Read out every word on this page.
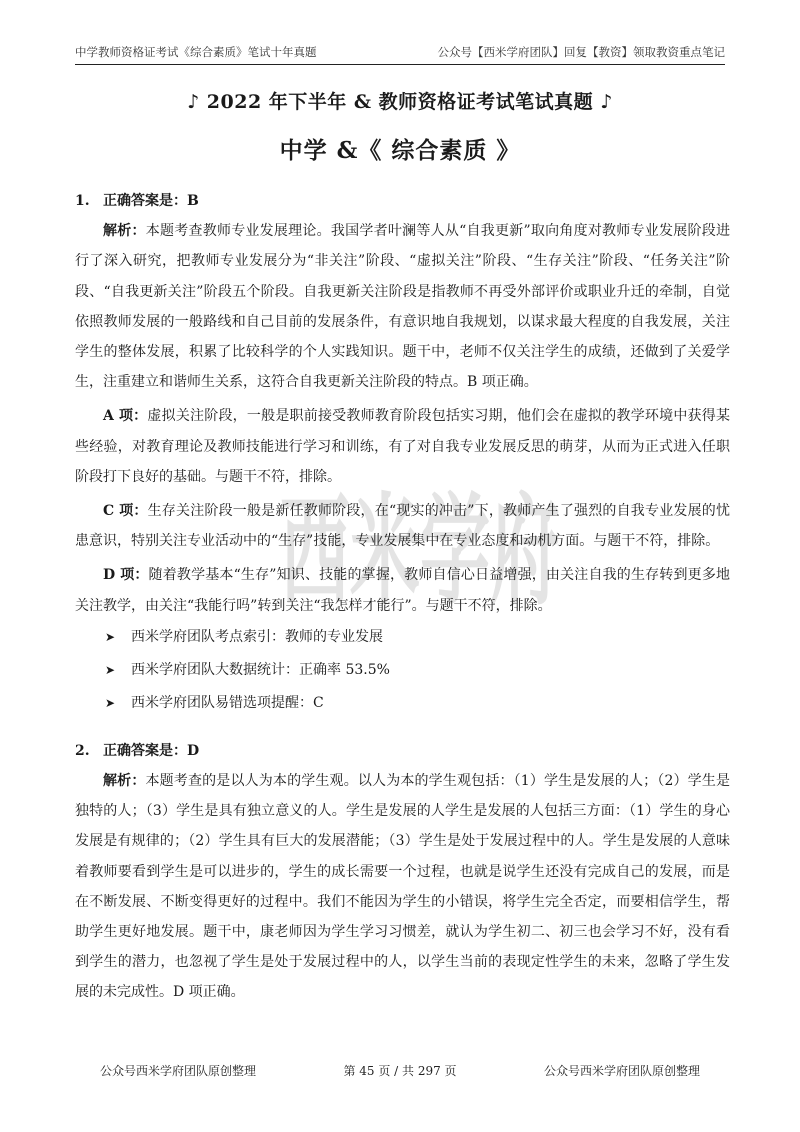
中学教师资格证考试《综合素质》笔试十年真题	公众号【西米学府团队】回复【教资】领取教资重点笔记
♪ 2022 年下半年 & 教师资格证考试笔试真题 ♪
中学 &《 综合素质 》
西米学府

1. 正确答案是：B

解析：本题考查教师专业发展理论。我国学者叶澜等人从“自我更新”取向角度对教师专业发展阶段进行了深入研究，把教师专业发展分为“非关注”阶段、“虚拟关注”阶段、“生存关注”阶段、“任务关注”阶段、“自我更新关注”阶段五个阶段。自我更新关注阶段是指教师不再受外部评价或职业升迁的牵制，自觉依照教师发展的一般路线和自己目前的发展条件，有意识地自我规划，以谋求最大程度的自我发展，关注学生的整体发展，积累了比较科学的个人实践知识。题干中，老师不仅关注学生的成绩，还做到了关爱学生，注重建立和谐师生关系，这符合自我更新关注阶段的特点。B 项正确。

A 项：虚拟关注阶段，一般是职前接受教师教育阶段包括实习期，他们会在虚拟的教学环境中获得某些经验，对教育理论及教师技能进行学习和训练，有了对自我专业发展反思的萌芽，从而为正式进入任职阶段打下良好的基础。与题干不符，排除。

C 项：生存关注阶段一般是新任教师阶段，在“现实的冲击”下，教师产生了强烈的自我专业发展的忧患意识，特别关注专业活动中的“生存”技能，专业发展集中在专业态度和动机方面。与题干不符，排除。

D 项：随着教学基本“生存”知识、技能的掌握，教师自信心日益增强，由关注自我的生存转到更多地关注教学，由关注“我能行吗”转到关注“我怎样才能行”。与题干不符，排除。

➤ 西米学府团队考点索引：教师的专业发展

➤ 西米学府团队大数据统计：正确率 53.5%

➤ 西米学府团队易错选项提醒：C

2. 正确答案是：D

解析：本题考查的是以人为本的学生观。以人为本的学生观包括：（1）学生是发展的人；（2）学生是独特的人；（3）学生是具有独立意义的人。学生是发展的人学生是发展的人包括三方面：（1）学生的身心发展是有规律的；（2）学生具有巨大的发展潜能；（3）学生是处于发展过程中的人。学生是发展的人意味着教师要看到学生是可以进步的，学生的成长需要一个过程，也就是说学生还没有完成自己的发展，而是在不断发展、不断变得更好的过程中。我们不能因为学生的小错误，将学生完全否定，而要相信学生，帮助学生更好地发展。题干中，康老师因为学生学习习惯差，就认为学生初二、初三也会学习不好，没有看到学生的潜力，也忽视了学生是处于发展过程中的人，以学生当前的表现定性学生的未来，忽略了学生发展的未完成性。D 项正确。

公众号西米学府团队原创整理	第 45 页 / 共 297 页	公众号西米学府团队原创整理
